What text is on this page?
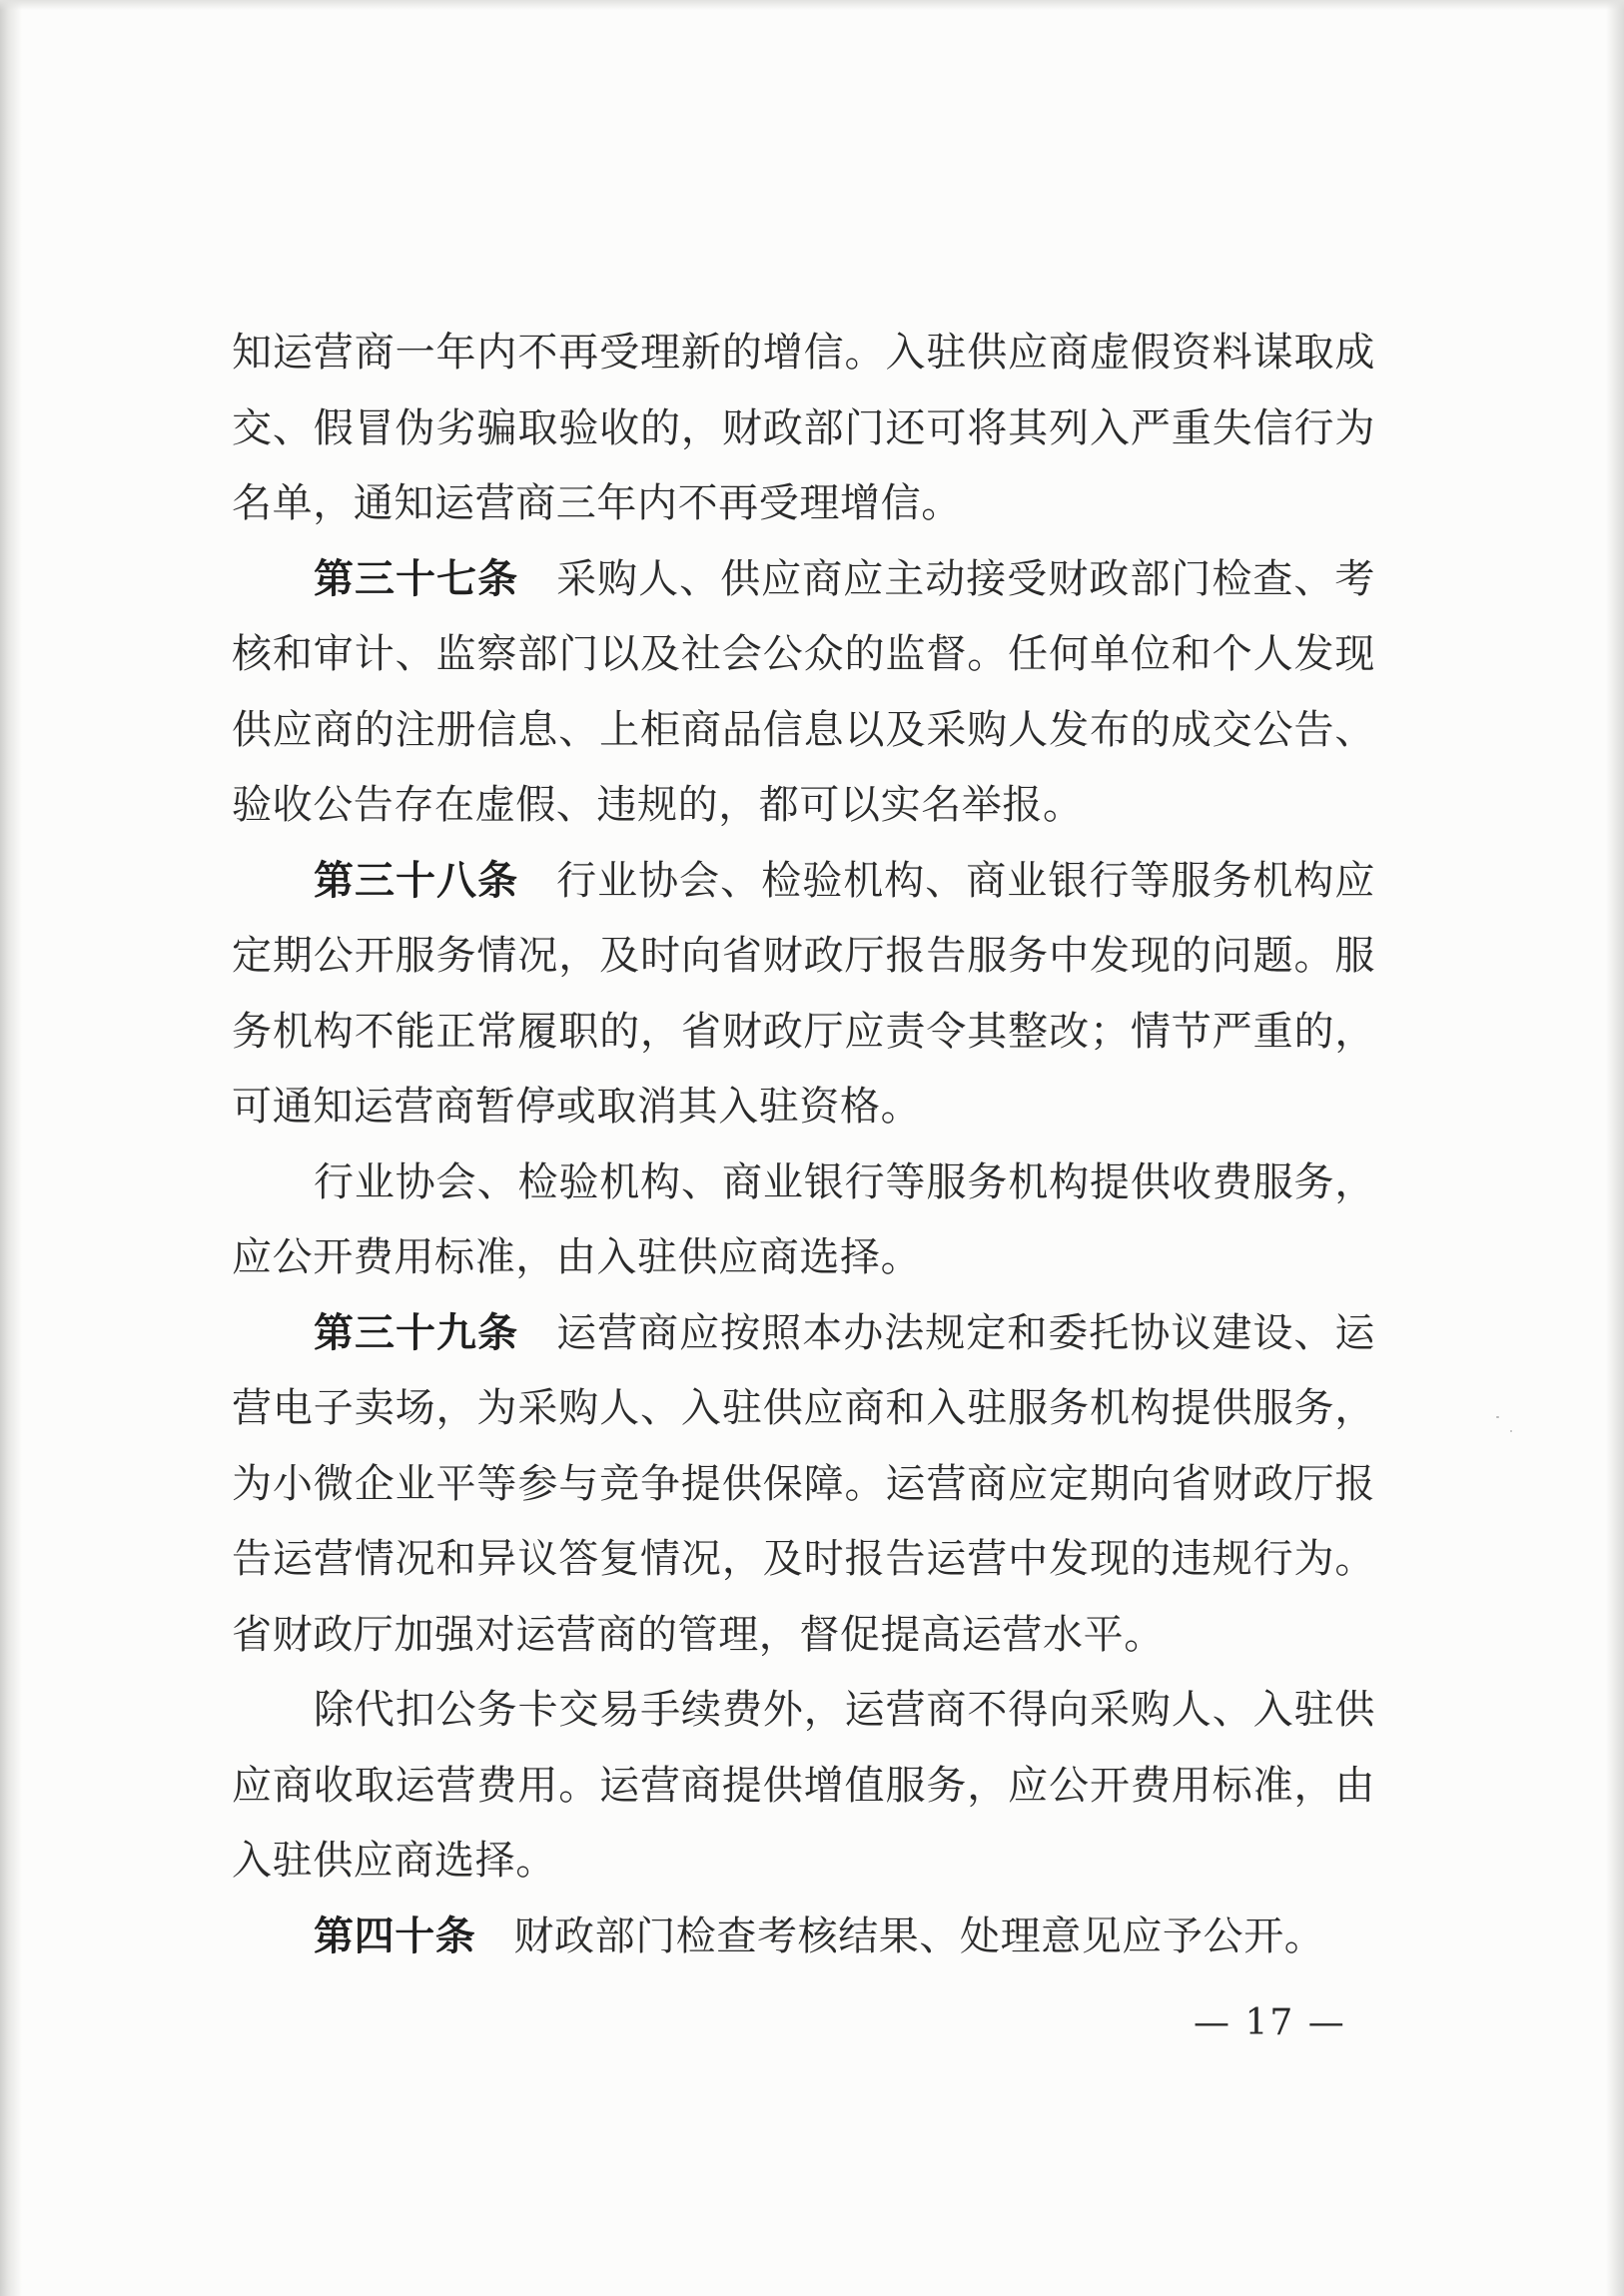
知运营商一年内不再受理新的增信。入驻供应商虚假资料谋取成交、假冒伪劣骗取验收的，财政部门还可将其列入严重失信行为名单，通知运营商三年内不再受理增信。

第三十七条 采购人、供应商应主动接受财政部门检查、考核和审计、监察部门以及社会公众的监督。任何单位和个人发现供应商的注册信息、上柜商品信息以及采购人发布的成交公告、验收公告存在虚假、违规的，都可以实名举报。

第三十八条 行业协会、检验机构、商业银行等服务机构应定期公开服务情况，及时向省财政厅报告服务中发现的问题。服务机构不能正常履职的，省财政厅应责令其整改；情节严重的，可通知运营商暂停或取消其入驻资格。

行业协会、检验机构、商业银行等服务机构提供收费服务，应公开费用标准，由入驻供应商选择。

第三十九条 运营商应按照本办法规定和委托协议建设、运营电子卖场，为采购人、入驻供应商和入驻服务机构提供服务，为小微企业平等参与竞争提供保障。运营商应定期向省财政厅报告运营情况和异议答复情况，及时报告运营中发现的违规行为。省财政厅加强对运营商的管理，督促提高运营水平。

除代扣公务卡交易手续费外，运营商不得向采购人、入驻供应商收取运营费用。运营商提供增值服务，应公开费用标准，由入驻供应商选择。

第四十条 财政部门检查考核结果、处理意见应予公开。

— 17 —
